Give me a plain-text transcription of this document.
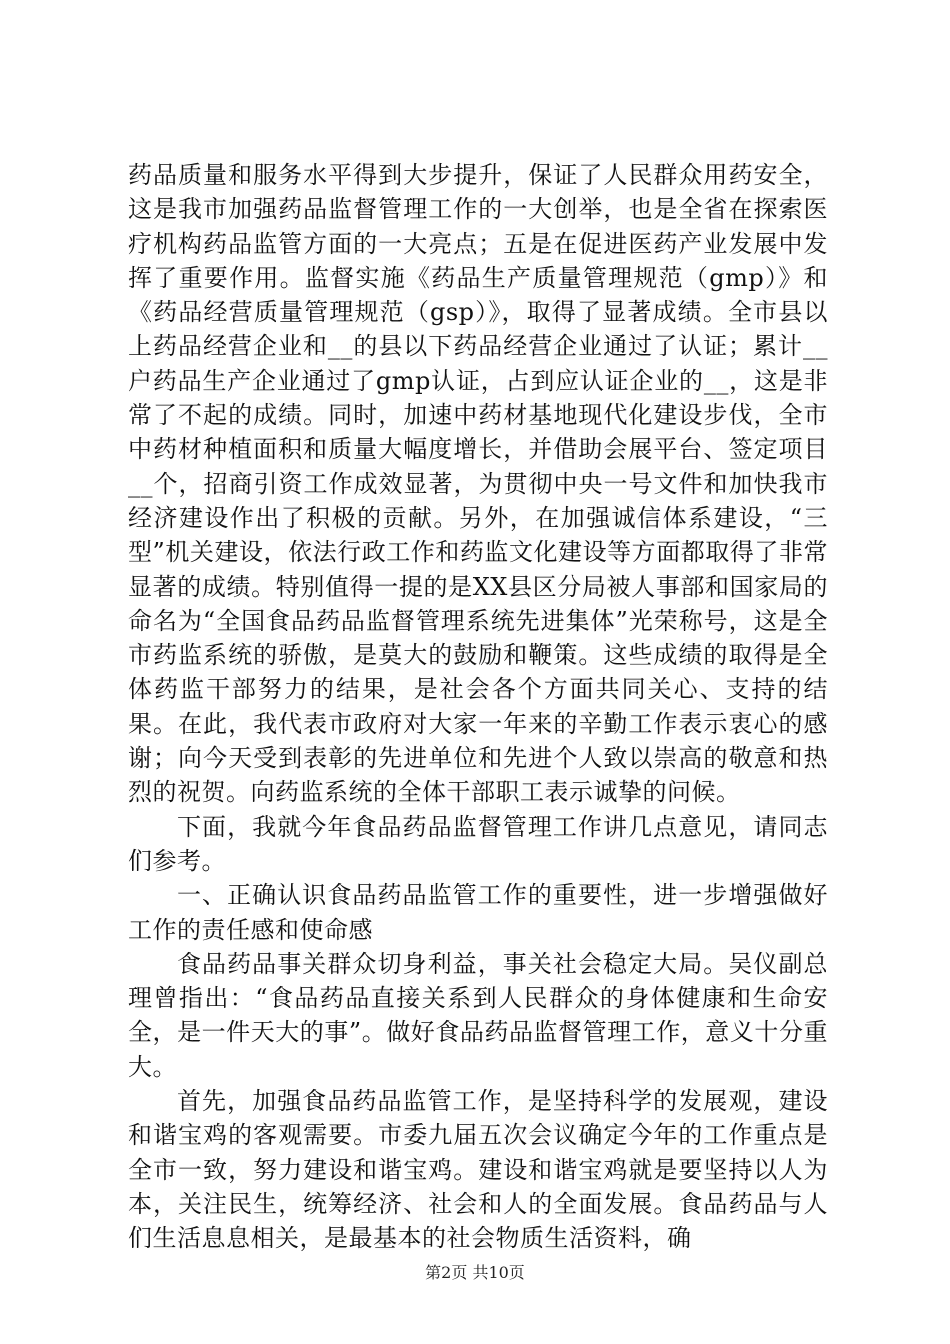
药品质量和服务水平得到大步提升，保证了人民群众用药安全，这是我市加强药品监督管理工作的一大创举，也是全省在探索医疗机构药品监管方面的一大亮点；五是在促进医药产业发展中发挥了重要作用。监督实施《药品生产质量管理规范（gmp）》和《药品经营质量管理规范（gsp）》，取得了显著成绩。全市县以上药品经营企业和__的县以下药品经营企业通过了认证；累计__户药品生产企业通过了gmp认证，占到应认证企业的__，这是非常了不起的成绩。同时，加速中药材基地现代化建设步伐，全市中药材种植面积和质量大幅度增长，并借助会展平台、签定项目__个，招商引资工作成效显著，为贯彻中央一号文件和加快我市经济建设作出了积极的贡献。另外，在加强诚信体系建设，“三型”机关建设，依法行政工作和药监文化建设等方面都取得了非常显著的成绩。特别值得一提的是XX县区分局被人事部和国家局的命名为“全国食品药品监督管理系统先进集体”光荣称号，这是全市药监系统的骄傲，是莫大的鼓励和鞭策。这些成绩的取得是全体药监干部努力的结果，是社会各个方面共同关心、支持的结果。在此，我代表市政府对大家一年来的辛勤工作表示衷心的感谢；向今天受到表彰的先进单位和先进个人致以崇高的敬意和热烈的祝贺。向药监系统的全体干部职工表示诚挚的问候。

下面，我就今年食品药品监督管理工作讲几点意见，请同志们参考。

一、正确认识食品药品监管工作的重要性，进一步增强做好工作的责任感和使命感

食品药品事关群众切身利益，事关社会稳定大局。吴仪副总理曾指出：“食品药品直接关系到人民群众的身体健康和生命安全，是一件天大的事”。做好食品药品监督管理工作，意义十分重大。

首先，加强食品药品监管工作，是坚持科学的发展观，建设和谐宝鸡的客观需要。市委九届五次会议确定今年的工作重点是全市一致，努力建设和谐宝鸡。建设和谐宝鸡就是要坚持以人为本，关注民生，统筹经济、社会和人的全面发展。食品药品与人们生活息息相关，是最基本的社会物质生活资料，确

第2页 共10页
